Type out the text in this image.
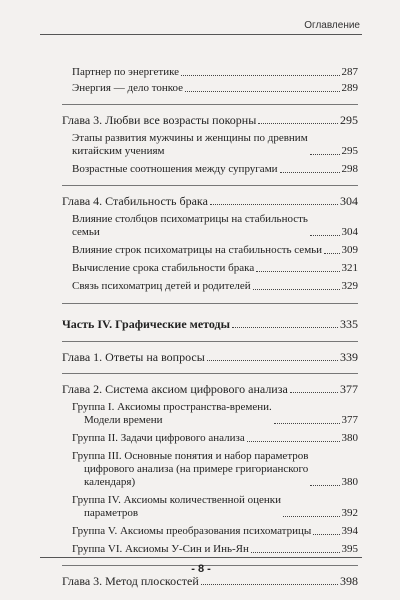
Оглавление
Партнер по энергетике	287
Энергия — дело тонкое	289
Глава 3. Любви все возрасты покорны	295
Этапы развития мужчины и женщины по древним
китайским учениям	295
Возрастные соотношения между супругами	298
Глава 4. Стабильность брака	304
Влияние столбцов психоматрицы на стабильность
семьи	304
Влияние строк психоматрицы на стабильность семьи 309
Вычисление срока стабильности брака	321
Связь психоматриц детей и родителей	329
Часть IV. Графические методы	335
Глава 1. Ответы на вопросы	339
Глава 2. Система аксиом цифрового анализа	377
Группа I. Аксиомы пространства-времени.
Модели времени	377
Группа II. Задачи цифрового анализа	380
Группа III. Основные понятия и набор параметров
цифрового анализа (на примере григорианского
календаря)	380
Группа IV. Аксиомы количественной оценки
параметров	392
Группа V. Аксиомы преобразования психоматрицы	394
Группа VI. Аксиомы У-Син и Инь-Ян	395
Глава 3. Метод плоскостей	398
- 8 -
